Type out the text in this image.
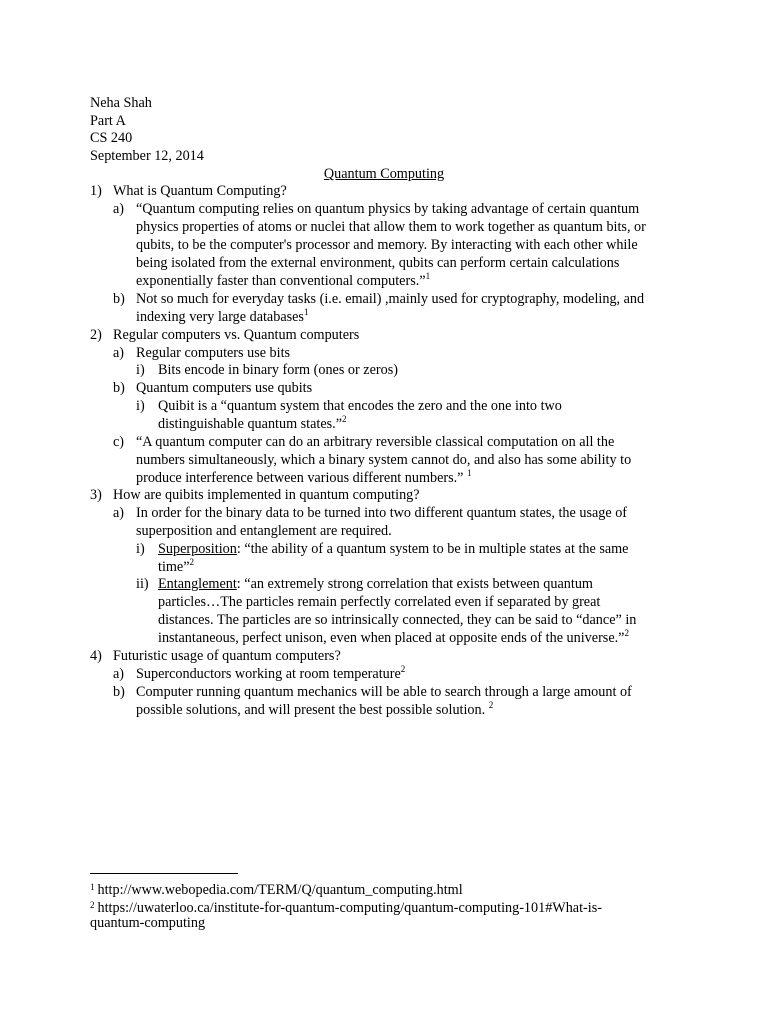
Neha Shah
Part A
CS 240
September 12, 2014
Quantum Computing
1) What is Quantum Computing?
a) “Quantum computing relies on quantum physics by taking advantage of certain quantum
physics properties of atoms or nuclei that allow them to work together as quantum bits, or
qubits, to be the computer's processor and memory. By interacting with each other while
being isolated from the external environment, qubits can perform certain calculations
exponentially faster than conventional computers.”$^1$
b) Not so much for everyday tasks (i.e. email) ,mainly used for cryptography, modeling, and
indexing very large databases$^1$
2) Regular computers vs. Quantum computers
a) Regular computers use bits
i) Bits encode in binary form (ones or zeros)
b) Quantum computers use qubits
i) Quibit is a “quantum system that encodes the zero and the one into two
distinguishable quantum states.”$^2$
c) “A quantum computer can do an arbitrary reversible classical computation on all the
numbers simultaneously, which a binary system cannot do, and also has some ability to
produce interference between various different numbers.” $^1$
3) How are quibits implemented in quantum computing?
a) In order for the binary data to be turned into two different quantum states, the usage of
superposition and entanglement are required.
i) Superposition: “the ability of a quantum system to be in multiple states at the same
time”$^2$
ii) Entanglement: “an extremely strong correlation that exists between quantum
particles…The particles remain perfectly correlated even if separated by great
distances. The particles are so intrinsically connected, they can be said to “dance” in
instantaneous, perfect unison, even when placed at opposite ends of the universe.”$^2$
4) Futuristic usage of quantum computers?
a) Superconductors working at room temperature$^2$
b) Computer running quantum mechanics will be able to search through a large amount of
possible solutions, and will present the best possible solution. $^2$
$^1$ http://www.webopedia.com/TERM/Q/quantum_computing.html
$^2$ https://uwaterloo.ca/institute-for-quantum-computing/quantum-computing-101#What-is-
quantum-computing
